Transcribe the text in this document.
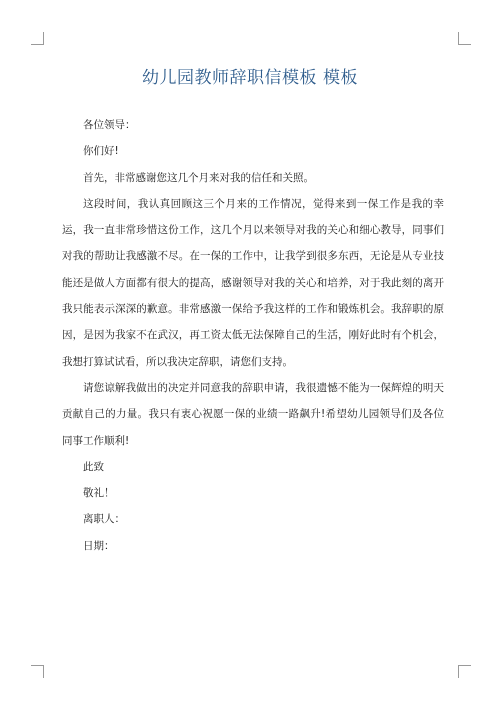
幼儿园教师辞职信模板 模板

各位领导：

你们好!

首先，非常感谢您这几个月来对我的信任和关照。

这段时间，我认真回顾这三个月来的工作情况，觉得来到一保工作是我的幸运，我一直非常珍惜这份工作，这几个月以来领导对我的关心和细心教导，同事们对我的帮助让我感激不尽。在一保的工作中，让我学到很多东西，无论是从专业技能还是做人方面都有很大的提高，感谢领导对我的关心和培养，对于我此刻的离开我只能表示深深的歉意。非常感激一保给予我这样的工作和锻炼机会。我辞职的原因，是因为我家不在武汉，再工资太低无法保障自己的生活，刚好此时有个机会，我想打算试试看，所以我决定辞职，请您们支持。

请您谅解我做出的决定并同意我的辞职申请，我很遗憾不能为一保辉煌的明天贡献自己的力量。我只有衷心祝愿一保的业绩一路飙升!希望幼儿园领导们及各位同事工作顺利!

此致

敬礼！

离职人：

日期：
